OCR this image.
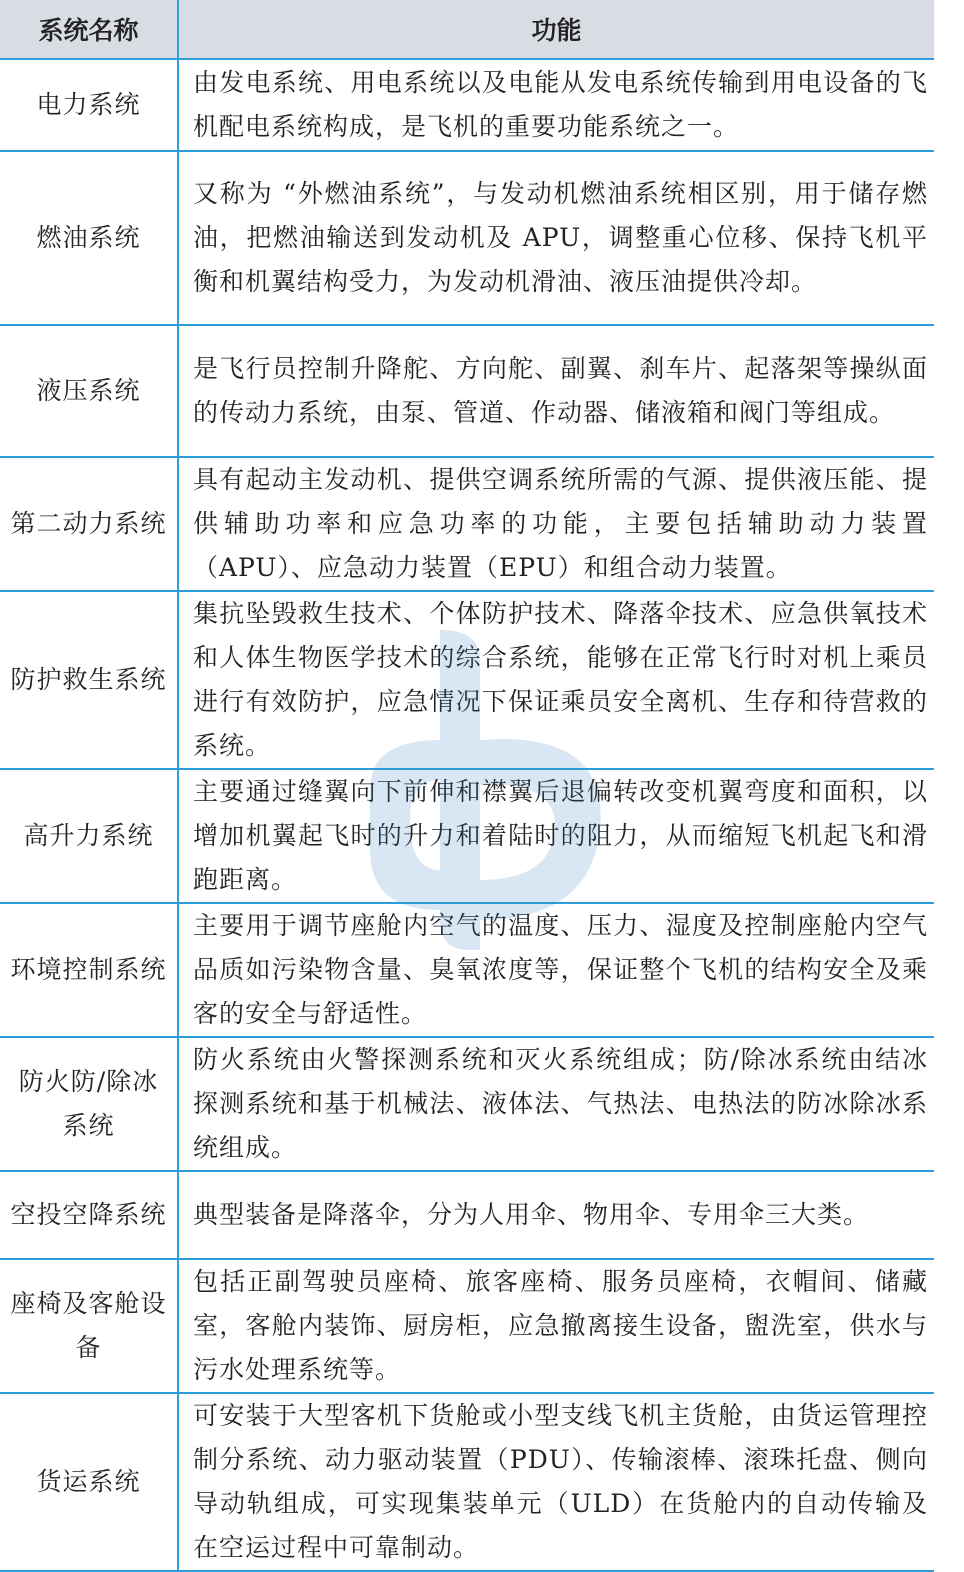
系统名称	功能
电力系统	由发电系统、用电系统以及电能从发电系统传输到用电设备的飞机配电系统构成，是飞机的重要功能系统之一。
燃油系统	又称为 “外燃油系统”，与发动机燃油系统相区别，用于储存燃油，把燃油输送到发动机及 APU，调整重心位移、保持飞机平衡和机翼结构受力，为发动机滑油、液压油提供冷却。
液压系统	是飞行员控制升降舵、方向舵、副翼、刹车片、起落架等操纵面的传动力系统，由泵、管道、作动器、储液箱和阀门等组成。
第二动力系统	具有起动主发动机、提供空调系统所需的气源、提供液压能、提供辅助功率和应急功率的功能，主要包括辅助动力装置（APU）、应急动力装置（EPU）和组合动力装置。
防护救生系统	集抗坠毁救生技术、个体防护技术、降落伞技术、应急供氧技术和人体生物医学技术的综合系统，能够在正常飞行时对机上乘员进行有效防护，应急情况下保证乘员安全离机、生存和待营救的系统。
高升力系统	主要通过缝翼向下前伸和襟翼后退偏转改变机翼弯度和面积，以增加机翼起飞时的升力和着陆时的阻力，从而缩短飞机起飞和滑跑距离。
环境控制系统	主要用于调节座舱内空气的温度、压力、湿度及控制座舱内空气品质如污染物含量、臭氧浓度等，保证整个飞机的结构安全及乘客的安全与舒适性。
防火防/除冰系统	防火系统由火警探测系统和灭火系统组成；防/除冰系统由结冰探测系统和基于机械法、液体法、气热法、电热法的防冰除冰系统组成。
空投空降系统	典型装备是降落伞，分为人用伞、物用伞、专用伞三大类。
座椅及客舱设备	包括正副驾驶员座椅、旅客座椅、服务员座椅，衣帽间、储藏室，客舱内装饰、厨房柜，应急撤离接生设备，盥洗室，供水与污水处理系统等。
货运系统	可安装于大型客机下货舱或小型支线飞机主货舱，由货运管理控制分系统、动力驱动装置（PDU）、传输滚棒、滚珠托盘、侧向导动轨组成，可实现集装单元（ULD）在货舱内的自动传输及在空运过程中可靠制动。
